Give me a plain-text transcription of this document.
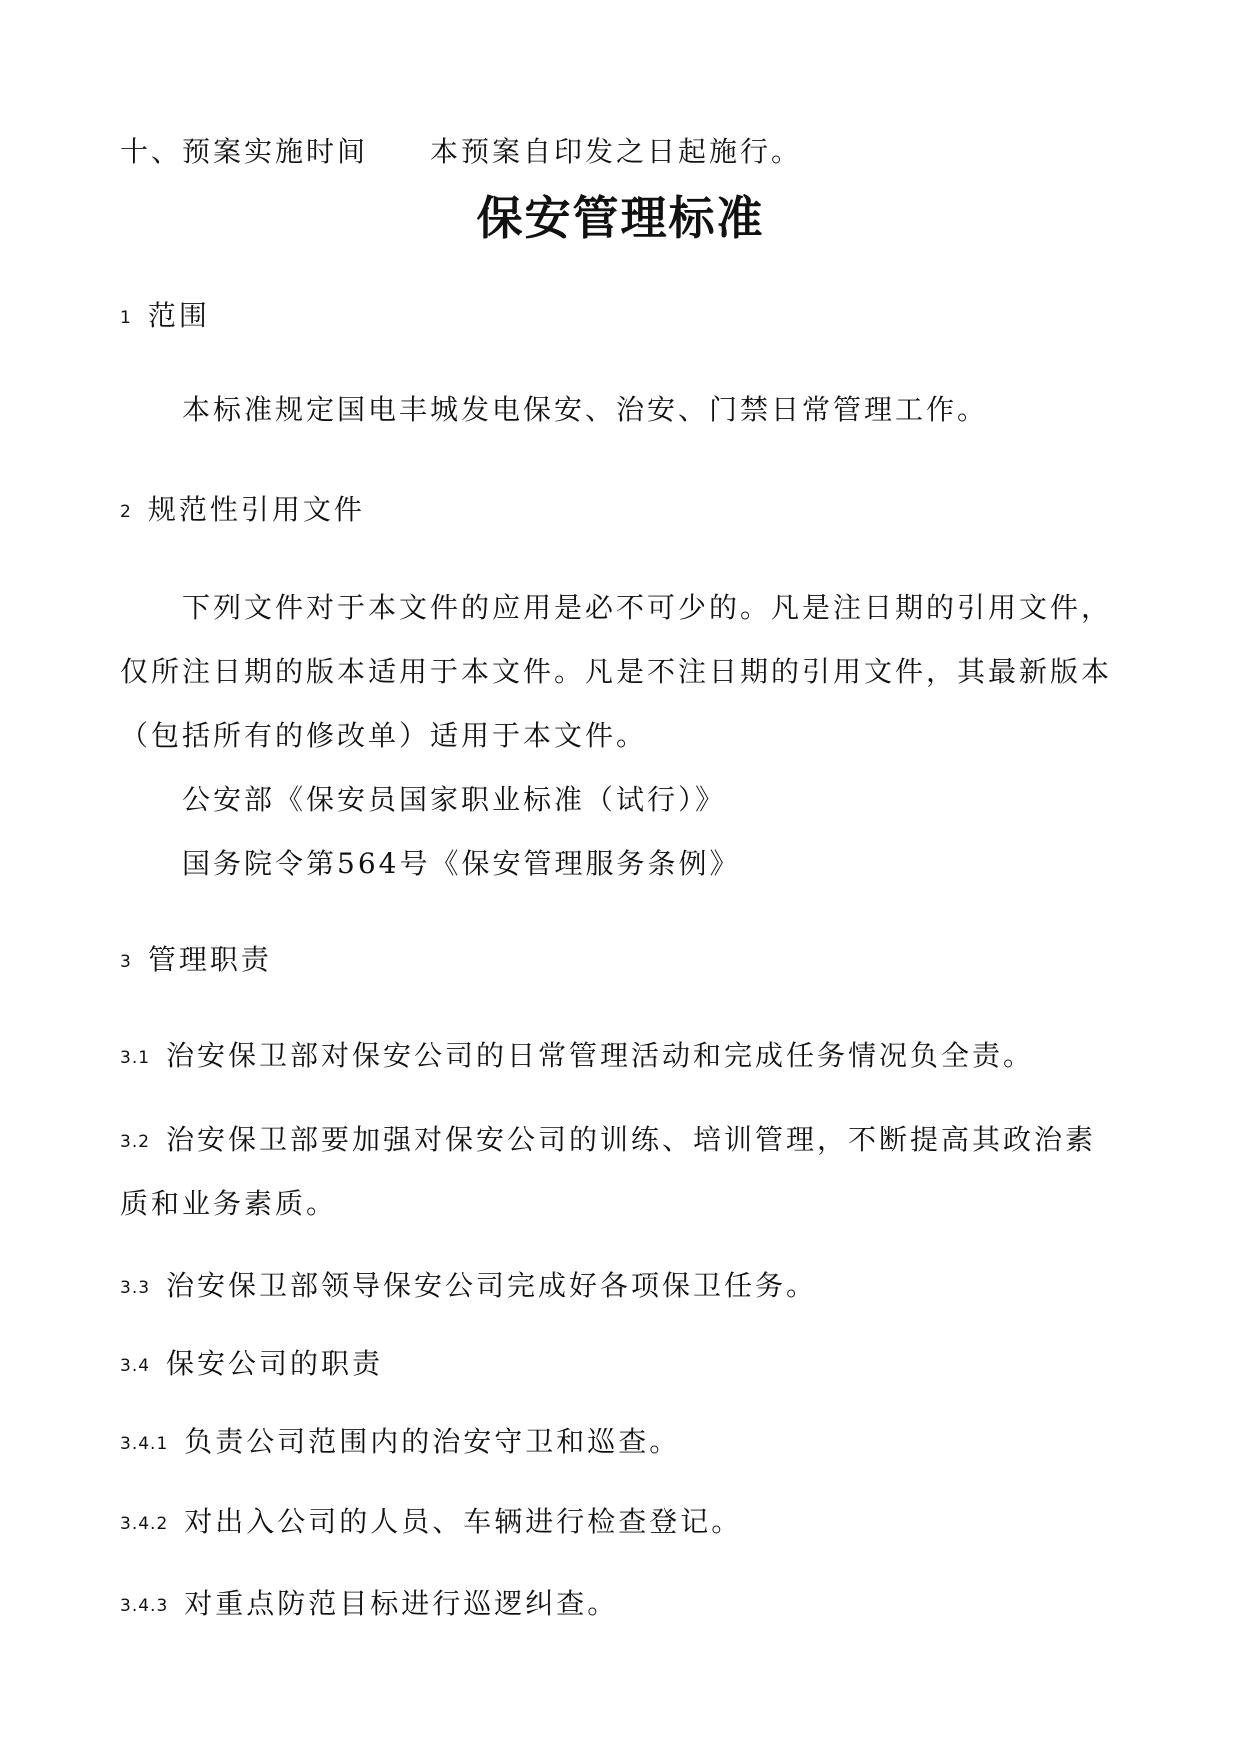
十、预案实施时间 本预案自印发之日起施行。
保安管理标准
1 范围
本标准规定国电丰城发电保安、治安、门禁日常管理工作。
2 规范性引用文件
下列文件对于本文件的应用是必不可少的。凡是注日期的引用文件，
仅所注日期的版本适用于本文件。凡是不注日期的引用文件，其最新版本
（包括所有的修改单）适用于本文件。
公安部《保安员国家职业标准（试行）》
国务院令第564号《保安管理服务条例》
3 管理职责
3.1 治安保卫部对保安公司的日常管理活动和完成任务情况负全责。
3.2 治安保卫部要加强对保安公司的训练、培训管理，不断提高其政治素
质和业务素质。
3.3 治安保卫部领导保安公司完成好各项保卫任务。
3.4 保安公司的职责
3.4.1 负责公司范围内的治安守卫和巡查。
3.4.2 对出入公司的人员、车辆进行检查登记。
3.4.3 对重点防范目标进行巡逻纠查。
